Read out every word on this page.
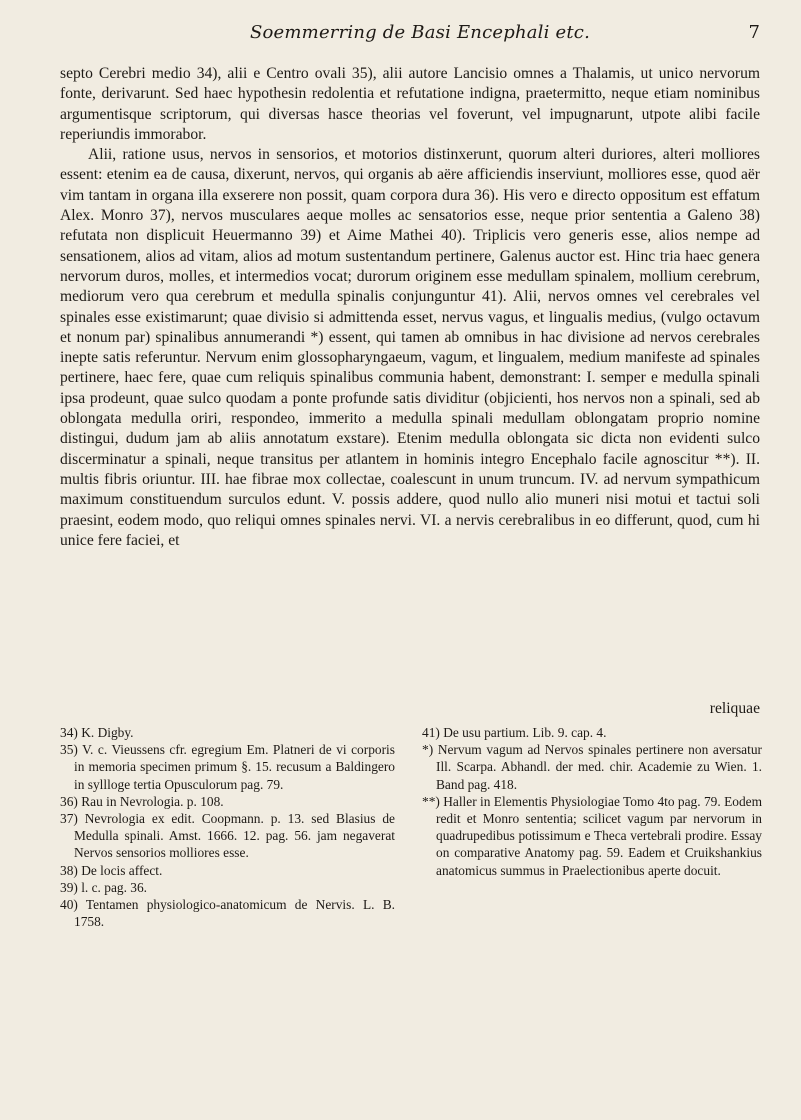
Soemmerring de Basi Encephali etc.	7

septo Cerebri medio 34), alii e Centro ovali 35), alii autore Lancisio omnes a Thalamis, ut unico nervorum fonte, derivarunt. Sed haec hypothesin redolentia et refutatione indigna, praetermitto, neque etiam nominibus argumentisque scriptorum, qui diversas hasce theorias vel foverunt, vel impugnarunt, utpote alibi facile reperiundis immorabor.

Alii, ratione usus, nervos in sensorios, et motorios distinxerunt, quorum alteri duriores, alteri molliores essent: etenim ea de causa, dixerunt, nervos, qui organis ab aëre afficiendis inserviunt, molliores esse, quod aër vim tantam in organa illa exserere non possit, quam corpora dura 36). His vero e directo oppositum est effatum Alex. Monro 37), nervos musculares aeque molles ac sensatorios esse, neque prior sententia a Galeno 38) refutata non displicuit Heuermanno 39) et Aime Mathei 40). Triplicis vero generis esse, alios nempe ad sensationem, alios ad vitam, alios ad motum sustentandum pertinere, Galenus auctor est. Hinc tria haec genera nervorum duros, molles, et intermedios vocat; durorum originem esse medullam spinalem, mollium cerebrum, mediorum vero qua cerebrum et medulla spinalis conjunguntur 41). Alii, nervos omnes vel cerebrales vel spinales esse existimarunt; quae divisio si admittenda esset, nervus vagus, et lingualis medius, (vulgo octavum et nonum par) spinalibus annumerandi *) essent, qui tamen ab omnibus in hac divisione ad nervos cerebrales inepte satis referuntur. Nervum enim glossopharyngaeum, vagum, et lingualem, medium manifeste ad spinales pertinere, haec fere, quae cum reliquis spinalibus communia habent, demonstrant: I. semper e medulla spinali ipsa prodeunt, quae sulco quodam a ponte profunde satis dividitur (objicienti, hos nervos non a spinali, sed ab oblongata medulla oriri, respondeo, immerito a medulla spinali medullam oblongatam proprio nomine distingui, dudum jam ab aliis annotatum exstare). Etenim medulla oblongata sic dicta non evidenti sulco discerminatur a spinali, neque transitus per atlantem in hominis integro Encephalo facile agnoscitur **). II. multis fibris oriuntur. III. hae fibrae mox collectae, coalescunt in unum truncum. IV. ad nervum sympathicum maximum constituendum surculos edunt. V. possis addere, quod nullo alio muneri nisi motui et tactui soli praesint, eodem modo, quo reliqui omnes spinales nervi. VI. a nervis cerebralibus in eo differunt, quod, cum hi unice fere faciei, et

reliquae

34) K. Digby.

35) V. c. Vieussens cfr. egregium Em. Platneri de vi corporis in memoria specimen primum §. 15. recusum a Baldingero in syllloge tertia Opusculorum pag. 79.

36) Rau in Nevrologia. p. 108.

37) Nevrologia ex edit. Coopmann. p. 13. sed Blasius de Medulla spinali. Amst. 1666. 12. pag. 56. jam negaverat Nervos sensorios molliores esse.

38) De locis affect.

39) l. c. pag. 36.

40) Tentamen physiologico-anatomicum de Nervis. L. B. 1758.

41) De usu partium. Lib. 9. cap. 4.

*) Nervum vagum ad Nervos spinales pertinere non aversatur Ill. Scarpa. Abhandl. der med. chir. Academie zu Wien. 1. Band pag. 418.

**) Haller in Elementis Physiologiae Tomo 4to pag. 79. Eodem redit et Monro sententia; scilicet vagum par nervorum in quadrupedibus potissimum e Theca vertebrali prodire. Essay on comparative Anatomy pag. 59. Eadem et Cruikshankius anatomicus summus in Praelectionibus aperte docuit.
